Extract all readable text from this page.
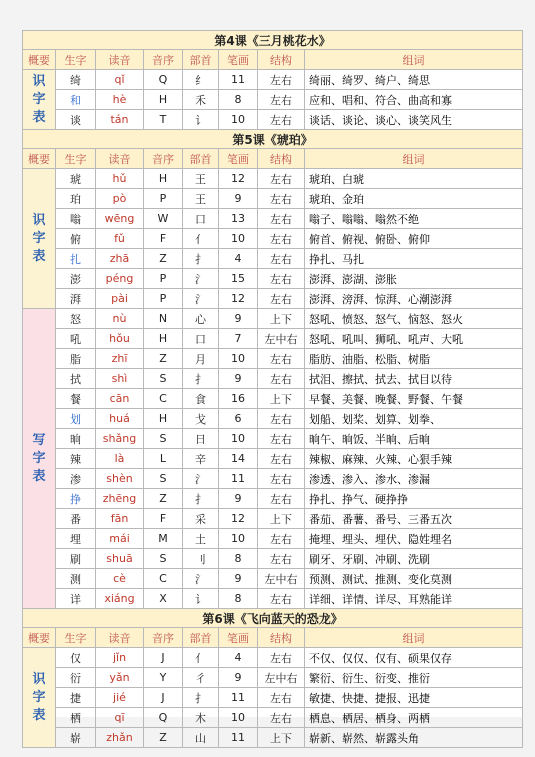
第4课《三月桃花水》							
概要	生字	读音	音序	部首	笔画	结构	组词
识字表	绮	qǐ	Q	纟	11	左右	绮丽、绮罗、绮户、绮思
	和	hè	H	禾	8	左右	应和、唱和、符合、曲高和寡
	谈	tán	T	讠	10	左右	谈话、谈论、谈心、谈笑风生
第5课《琥珀》							
概要	生字	读音	音序	部首	笔画	结构	组词
识字表	琥	hǔ	H	王	12	左右	琥珀、白琥
	珀	pò	P	王	9	左右	琥珀、金珀
	嗡	wēng	W	口	13	左右	嗡子、嗡嗡、嗡然不绝
	俯	fǔ	F	亻	10	左右	俯首、俯视、俯卧、俯仰
	扎	zhā	Z	扌	4	左右	挣扎、马扎
	澎	péng	P	氵	15	左右	澎湃、澎湖、澎胀
	湃	pài	P	氵	12	左右	澎湃、滂湃、惊湃、心潮澎湃
写字表	怒	nù	N	心	9	上下	怒吼、愤怒、怒气、恼怒、怒火
	吼	hǒu	H	口	7	左中右	怒吼、吼叫、狮吼、吼声、大吼
	脂	zhī	Z	月	10	左右	脂肪、油脂、松脂、树脂
	拭	shì	S	扌	9	左右	拭泪、擦拭、拭去、拭目以待
	餐	cān	C	食	16	上下	早餐、美餐、晚餐、野餐、午餐
	划	huá	H	戈	6	左右	划船、划桨、划算、划拳、
	晌	shǎng	S	日	10	左右	晌午、晌饭、半晌、后晌
	辣	là	L	辛	14	左右	辣椒、麻辣、火辣、心狠手辣
	渗	shèn	S	氵	11	左右	渗透、渗入、渗水、渗漏
	挣	zhēng	Z	扌	9	左右	挣扎、挣气、硬挣挣
	番	fān	F	采	12	上下	番茄、番薯、番号、三番五次
	埋	mái	M	土	10	左右	掩埋、埋头、埋伏、隐姓埋名
	刷	shuā	S	刂	8	左右	刷牙、牙刷、冲刷、洗刷
	测	cè	C	氵	9	左中右	预测、测试、推测、变化莫测
	详	xiáng	X	讠	8	左右	详细、详情、详尽、耳熟能详
第6课《飞向蓝天的恐龙》							
概要	生字	读音	音序	部首	笔画	结构	组词
识字表	仅	jǐn	J	亻	4	左右	不仅、仅仅、仅有、硕果仅存
	衍	yǎn	Y	彳	9	左中右	繁衍、衍生、衍变、推衍
	捷	jié	J	扌	11	左右	敏捷、快捷、捷报、迅捷
	栖	qī	Q	木	10	左右	栖息、栖居、栖身、两栖
	崭	zhǎn	Z	山	11	上下	崭新、崭然、崭露头角
